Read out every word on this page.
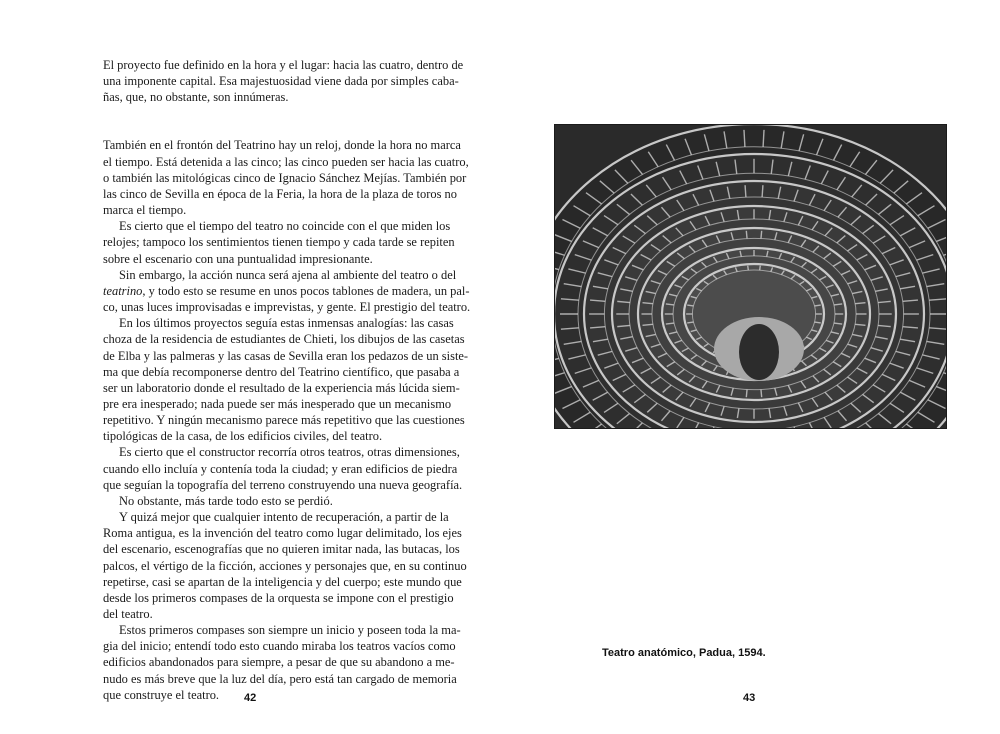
El proyecto fue definido en la hora y el lugar: hacia las cuatro, dentro de
una imponente capital. Esa majestuosidad viene dada por simples caba-
ñas, que, no obstante, son innúmeras.
También en el frontón del Teatrino hay un reloj, donde la hora no marca
el tiempo. Está detenida a las cinco; las cinco pueden ser hacia las cuatro,
o también las mitológicas cinco de Ignacio Sánchez Mejías. También por
las cinco de Sevilla en época de la Feria, la hora de la plaza de toros no
marca el tiempo.
Es cierto que el tiempo del teatro no coincide con el que miden los
relojes; tampoco los sentimientos tienen tiempo y cada tarde se repiten
sobre el escenario con una puntualidad impresionante.
Sin embargo, la acción nunca será ajena al ambiente del teatro o del
teatrino, y todo esto se resume en unos pocos tablones de madera, un pal-
co, unas luces improvisadas e imprevistas, y gente. El prestigio del teatro.
En los últimos proyectos seguía estas inmensas analogías: las casas
choza de la residencia de estudiantes de Chieti, los dibujos de las casetas
de Elba y las palmeras y las casas de Sevilla eran los pedazos de un siste-
ma que debía recomponerse dentro del Teatrino científico, que pasaba a
ser un laboratorio donde el resultado de la experiencia más lúcida siem-
pre era inesperado; nada puede ser más inesperado que un mecanismo
repetitivo. Y ningún mecanismo parece más repetitivo que las cuestiones
tipológicas de la casa, de los edificios civiles, del teatro.
Es cierto que el constructor recorría otros teatros, otras dimensiones,
cuando ello incluía y contenía toda la ciudad; y eran edificios de piedra
que seguían la topografía del terreno construyendo una nueva geografía.
No obstante, más tarde todo esto se perdió.
Y quizá mejor que cualquier intento de recuperación, a partir de la
Roma antigua, es la invención del teatro como lugar delimitado, los ejes
del escenario, escenografías que no quieren imitar nada, las butacas, los
palcos, el vértigo de la ficción, acciones y personajes que, en su continuo
repetirse, casi se apartan de la inteligencia y del cuerpo; este mundo que
desde los primeros compases de la orquesta se impone con el prestigio
del teatro.
Estos primeros compases son siempre un inicio y poseen toda la ma-
gia del inicio; entendí todo esto cuando miraba los teatros vacíos como
edificios abandonados para siempre, a pesar de que su abandono a me-
nudo es más breve que la luz del día, pero está tan cargado de memoria
que construye el teatro.	42
Teatro anatómico, Padua, 1594.
43
